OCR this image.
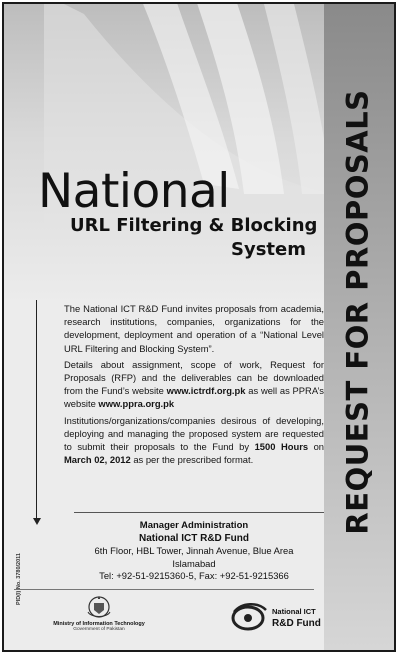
REQUEST FOR PROPOSALS
National
URL Filtering & Blocking
System

The National ICT R&D Fund invites proposals from academia, research institutions, companies, organizations for the development, deployment and operation of a “National Level URL Filtering and Blocking System”.

Details about assignment, scope of work, Request for Proposals (RFP) and the deliverables can be downloaded from the Fund’s website www.ictrdf.org.pk as well as PPRA’s website www.ppra.org.pk

Institutions/organizations/companies desirous of developing, deploying and managing the proposed system are requested to submit their proposals to the Fund by 1500 Hours on March 02, 2012 as per the prescribed format.

Manager Administration
National ICT R&D Fund
6th Floor, HBL Tower, Jinnah Avenue, Blue Area
Islamabad
Tel: +92-51-9215360-5, Fax: +92-51-9215366
PID(I) No. 3780/2011
Ministry of Information Technology
Government of Pakistan
National ICT
R&D Fund
